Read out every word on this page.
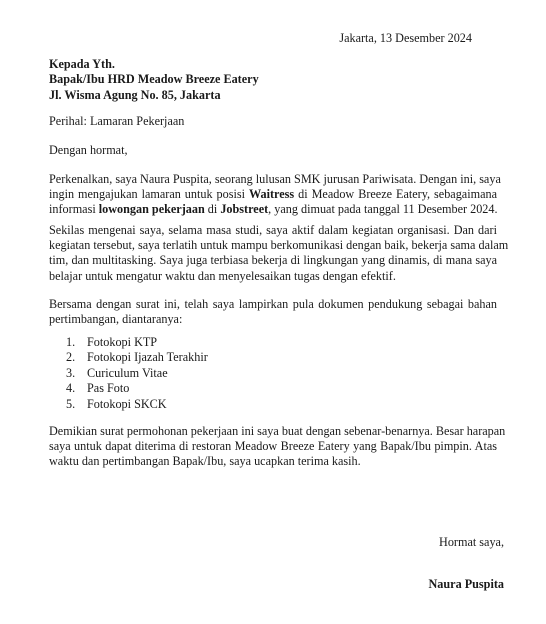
Jakarta, 13 Desember 2024
Kepada Yth.
Bapak/Ibu HRD Meadow Breeze Eatery
Jl. Wisma Agung No. 85, Jakarta
Perihal: Lamaran Pekerjaan
Dengan hormat,
Perkenalkan, saya Naura Puspita, seorang lulusan SMK jurusan Pariwisata. Dengan ini, saya
ingin mengajukan lamaran untuk posisi Waitress di Meadow Breeze Eatery, sebagaimana
informasi lowongan pekerjaan di Jobstreet, yang dimuat pada tanggal 11 Desember 2024.
Sekilas mengenai saya, selama masa studi, saya aktif dalam kegiatan organisasi. Dan dari
kegiatan tersebut, saya terlatih untuk mampu berkomunikasi dengan baik, bekerja sama dalam
tim, dan multitasking. Saya juga terbiasa bekerja di lingkungan yang dinamis, di mana saya
belajar untuk mengatur waktu dan menyelesaikan tugas dengan efektif.
Bersama dengan surat ini, telah saya lampirkan pula dokumen pendukung sebagai bahan
pertimbangan, diantaranya:
1. Fotokopi KTP
2. Fotokopi Ijazah Terakhir
3. Curiculum Vitae
4. Pas Foto
5. Fotokopi SKCK
Demikian surat permohonan pekerjaan ini saya buat dengan sebenar-benarnya. Besar harapan
saya untuk dapat diterima di restoran Meadow Breeze Eatery yang Bapak/Ibu pimpin. Atas
waktu dan pertimbangan Bapak/Ibu, saya ucapkan terima kasih.
Hormat saya,
Naura Puspita
